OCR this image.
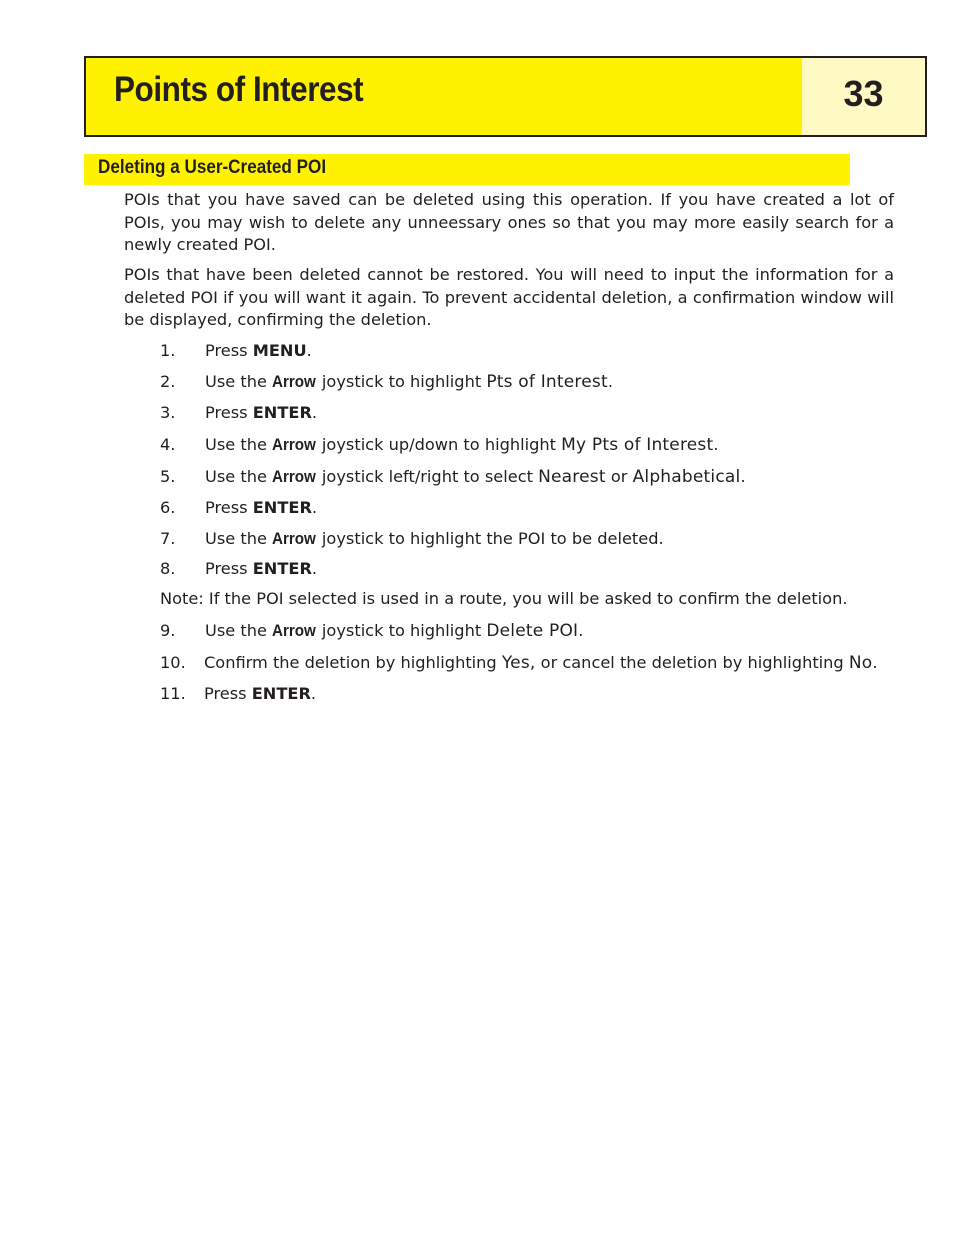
Points of Interest	33
Deleting a User-Created POI
POIs that you have saved can be deleted using this operation. If you have created a lot of POIs, you may wish to delete any unneessary ones so that you may more easily search for a newly created POI.
POIs that have been deleted cannot be restored. You will need to input the information for a deleted POI if you will want it again. To prevent accidental deletion, a confirmation window will be displayed, confirming the deletion.
1. Press MENU.
2. Use the Arrow joystick to highlight Pts of Interest.
3. Press ENTER.
4. Use the Arrow joystick up/down to highlight My Pts of Interest.
5. Use the Arrow joystick left/right to select Nearest or Alphabetical.
6. Press ENTER.
7. Use the Arrow joystick to highlight the POI to be deleted.
8. Press ENTER.
Note: If the POI selected is used in a route, you will be asked to confirm the deletion.
9. Use the Arrow joystick to highlight Delete POI.
10. Confirm the deletion by highlighting Yes, or cancel the deletion by highlighting No.
11. Press ENTER.
